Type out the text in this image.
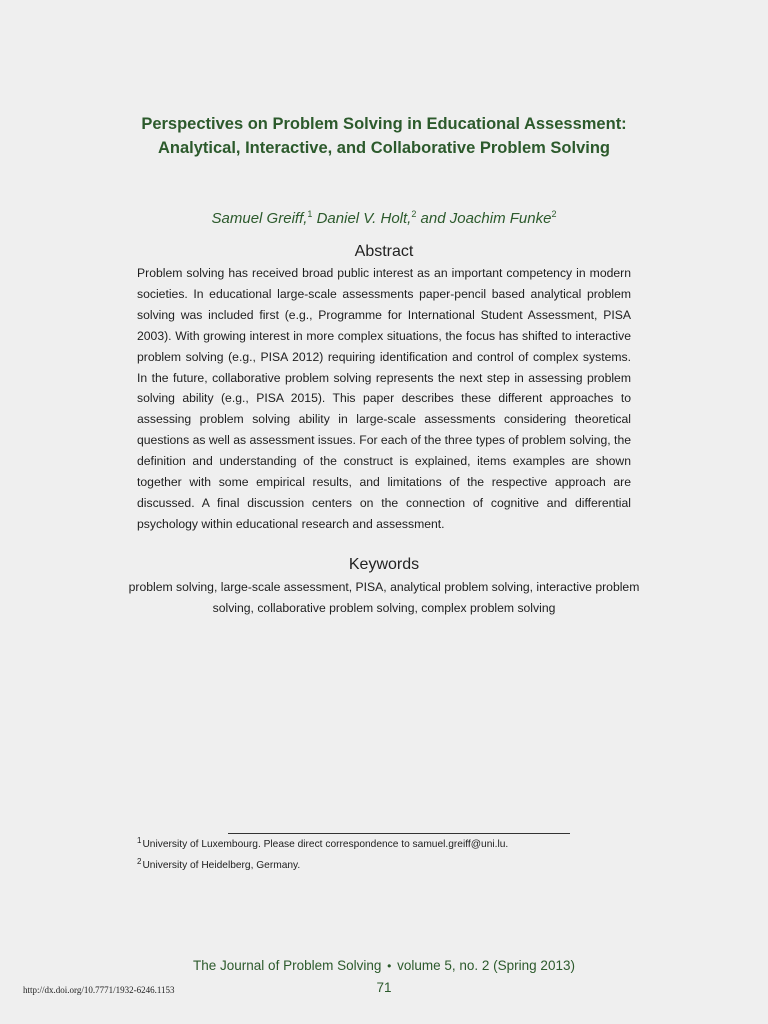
Perspectives on Problem Solving in Educational Assessment:
Analytical, Interactive, and Collaborative Problem Solving
Samuel Greiff,$^1$ Daniel V. Holt,$^2$ and Joachim Funke$^2$
Abstract

Problem solving has received broad public interest as an important competency in modern societies. In educational large-scale assessments paper-pencil based analytical problem solving was included first (e.g., Programme for International Student Assessment, PISA 2003). With growing interest in more complex situations, the focus has shifted to interactive problem solving (e.g., PISA 2012) requiring identification and control of complex systems. In the future, collaborative problem solving represents the next step in assessing problem solving ability (e.g., PISA 2015). This paper describes these different approaches to assessing problem solving ability in large-scale assessments considering theoretical questions as well as assessment issues. For each of the three types of problem solving, the definition and understanding of the construct is explained, items examples are shown together with some empirical results, and limitations of the respective approach are discussed. A final discussion centers on the connection of cognitive and differential psychology within educational research and assessment.

Keywords

problem solving, large-scale assessment, PISA, analytical problem solving, interactive problem solving, collaborative problem solving, complex problem solving

$^1$University of Luxembourg. Please direct correspondence to samuel.greiff@uni.lu.
$^2$University of Heidelberg, Germany.
The Journal of Problem Solving • volume 5, no. 2 (Spring 2013)
71
http://dx.doi.org/10.7771/1932-6246.1153
